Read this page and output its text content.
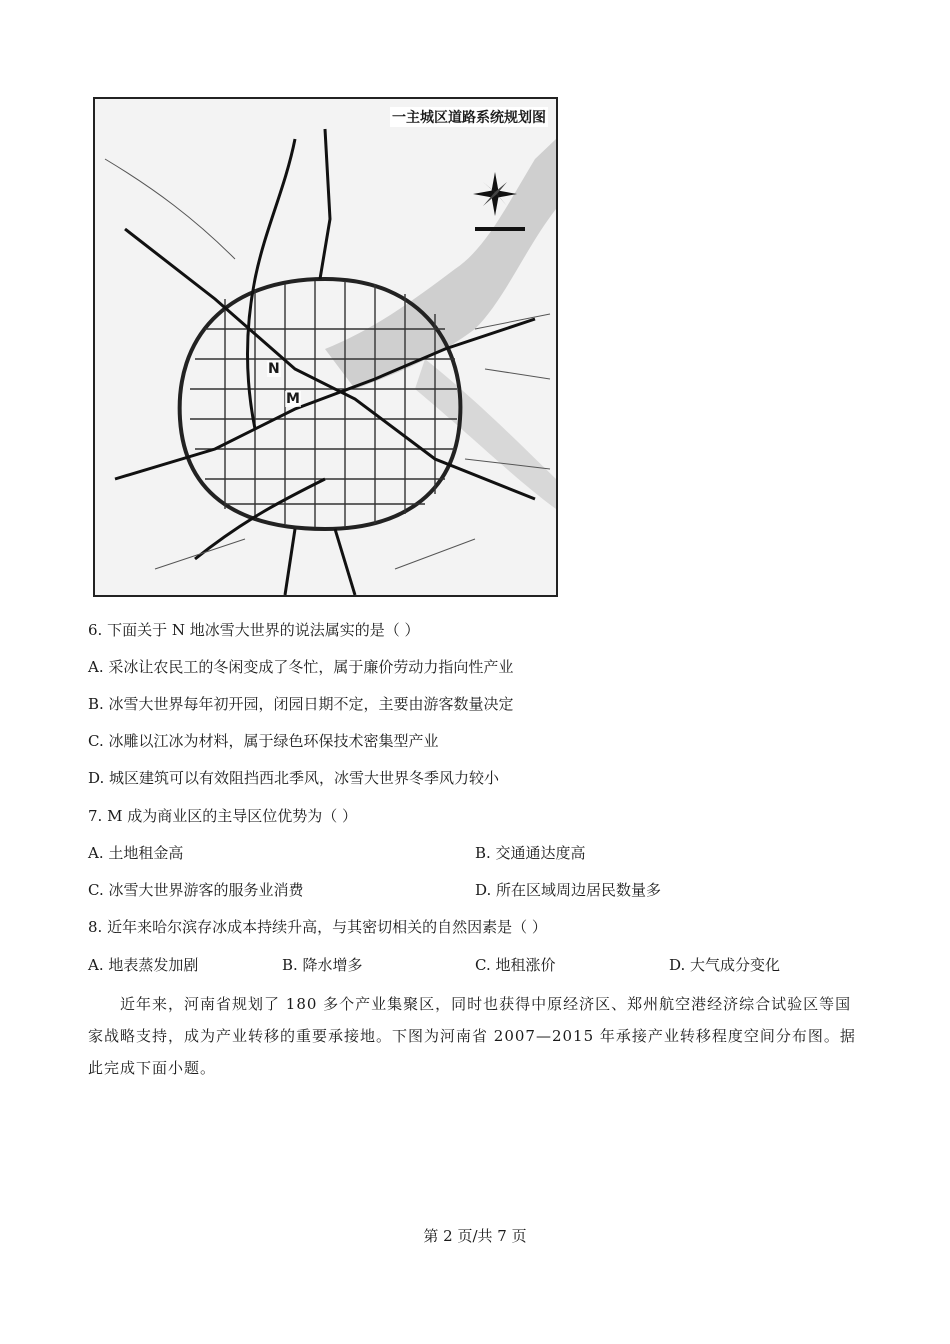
一主城区道路系统规划图
N
M
6. 下面关于 N 地冰雪大世界的说法属实的是（ ）
A. 采冰让农民工的冬闲变成了冬忙，属于廉价劳动力指向性产业
B. 冰雪大世界每年初开园，闭园日期不定，主要由游客数量决定
C. 冰雕以江冰为材料，属于绿色环保技术密集型产业
D. 城区建筑可以有效阻挡西北季风，冰雪大世界冬季风力较小
7. M 成为商业区的主导区位优势为（ ）
A. 土地租金高	B. 交通通达度高
C. 冰雪大世界游客的服务业消费	D. 所在区域周边居民数量多
8. 近年来哈尔滨存冰成本持续升高，与其密切相关的自然因素是（ ）
A. 地表蒸发加剧	B. 降水增多	C. 地租涨价	D. 大气成分变化
近年来，河南省规划了 180 多个产业集聚区，同时也获得中原经济区、郑州航空港经济综合试验区等国家战略支持，成为产业转移的重要承接地。下图为河南省 2007—2015 年承接产业转移程度空间分布图。据此完成下面小题。
第 2 页/共 7 页
